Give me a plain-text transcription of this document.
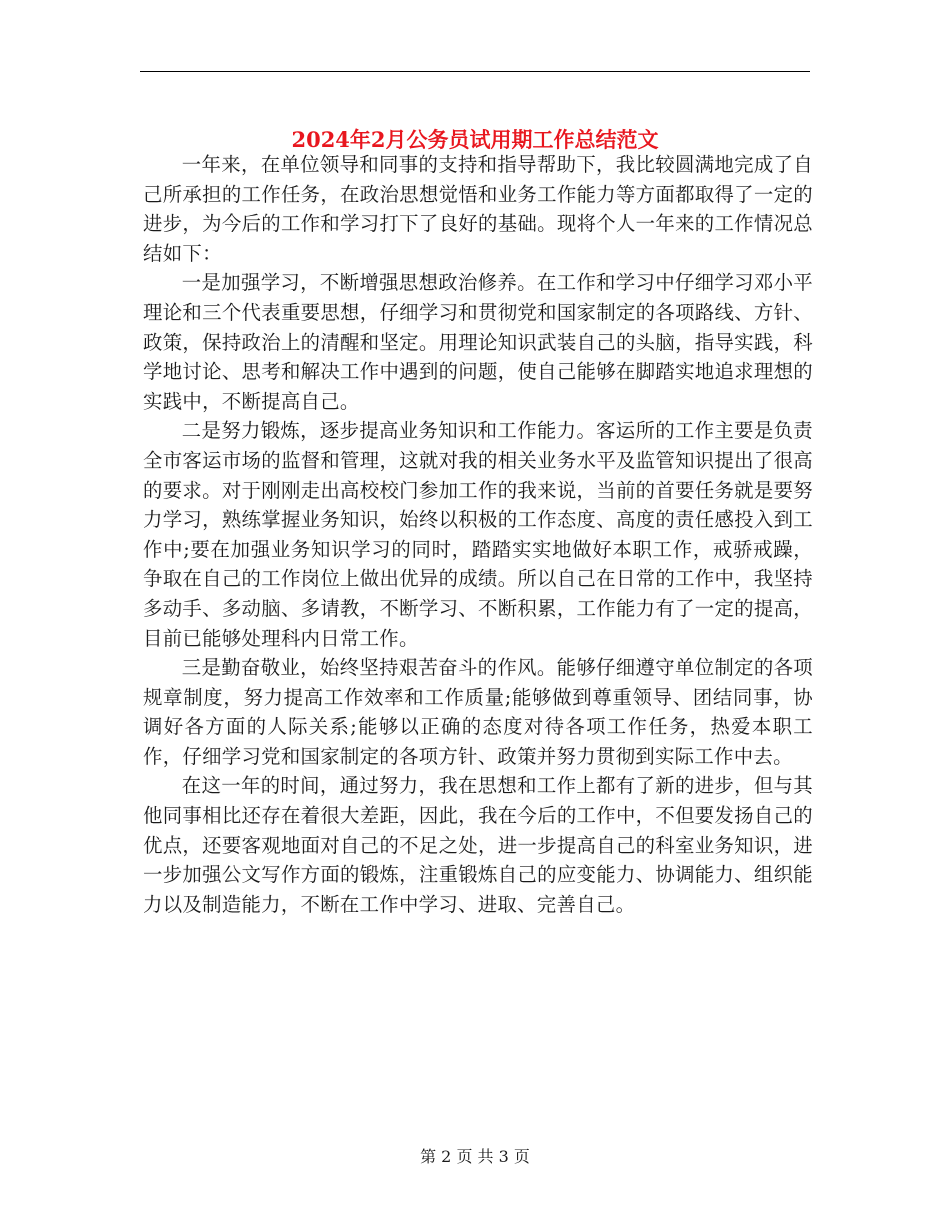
2024年2月公务员试用期工作总结范文

一年来，在单位领导和同事的支持和指导帮助下，我比较圆满地完成了自己所承担的工作任务，在政治思想觉悟和业务工作能力等方面都取得了一定的进步，为今后的工作和学习打下了良好的基础。现将个人一年来的工作情况总结如下：

一是加强学习，不断增强思想政治修养。在工作和学习中仔细学习邓小平理论和三个代表重要思想，仔细学习和贯彻党和国家制定的各项路线、方针、政策，保持政治上的清醒和坚定。用理论知识武装自己的头脑，指导实践，科学地讨论、思考和解决工作中遇到的问题，使自己能够在脚踏实地追求理想的实践中，不断提高自己。

二是努力锻炼，逐步提高业务知识和工作能力。客运所的工作主要是负责全市客运市场的监督和管理，这就对我的相关业务水平及监管知识提出了很高的要求。对于刚刚走出高校校门参加工作的我来说，当前的首要任务就是要努力学习，熟练掌握业务知识，始终以积极的工作态度、高度的责任感投入到工作中;要在加强业务知识学习的同时，踏踏实实地做好本职工作，戒骄戒躁，争取在自己的工作岗位上做出优异的成绩。所以自己在日常的工作中，我坚持多动手、多动脑、多请教，不断学习、不断积累，工作能力有了一定的提高，目前已能够处理科内日常工作。

三是勤奋敬业，始终坚持艰苦奋斗的作风。能够仔细遵守单位制定的各项规章制度，努力提高工作效率和工作质量;能够做到尊重领导、团结同事，协调好各方面的人际关系;能够以正确的态度对待各项工作任务，热爱本职工作，仔细学习党和国家制定的各项方针、政策并努力贯彻到实际工作中去。

在这一年的时间，通过努力，我在思想和工作上都有了新的进步，但与其他同事相比还存在着很大差距，因此，我在今后的工作中，不但要发扬自己的优点，还要客观地面对自己的不足之处，进一步提高自己的科室业务知识，进一步加强公文写作方面的锻炼，注重锻炼自己的应变能力、协调能力、组织能力以及制造能力，不断在工作中学习、进取、完善自己。

第 2 页 共 3 页
